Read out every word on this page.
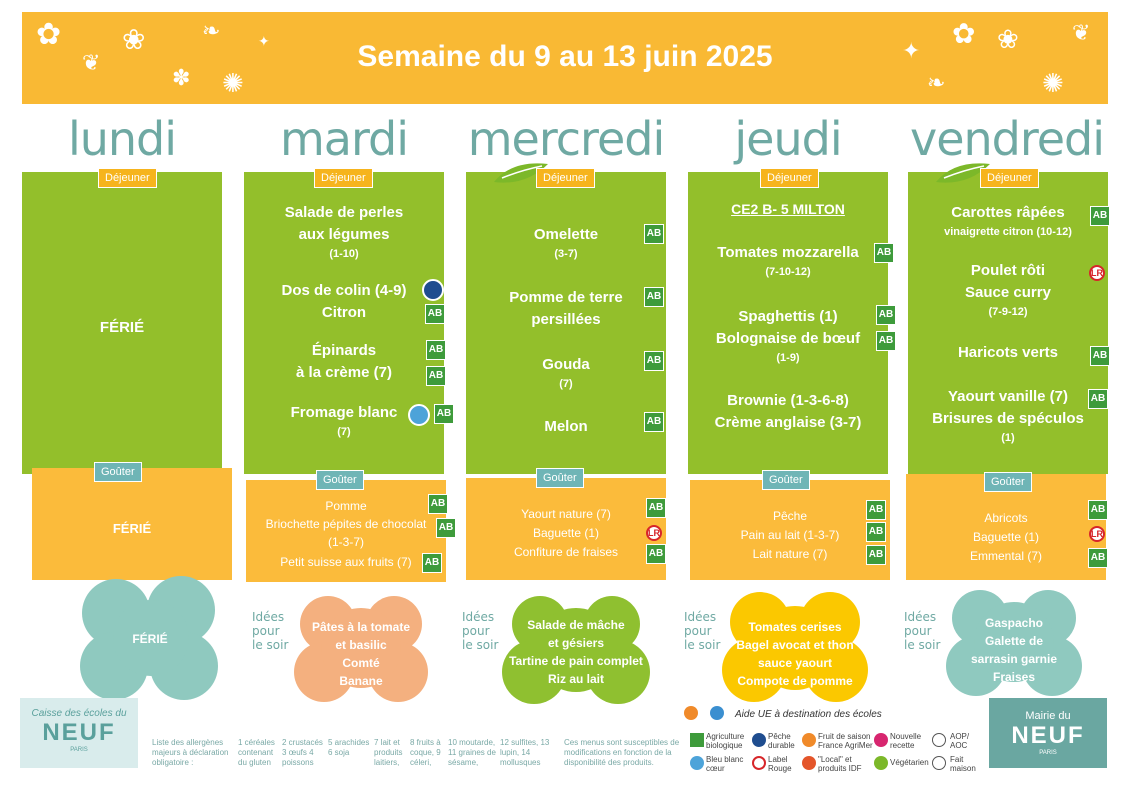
✿
❦
❀
✽
❧
✺
✦	✦
❧
✿ ❀
✺
❦
Semaine du 9 au 13 juin 2025
lundi	mardi	mercredi	jeudi	vendredi
FÉRIÉ
Déjeuner
FÉRIÉ
Goûter
FÉRIÉ
Salade de perles
aux légumes
(1-10)
Dos de colin (4-9)
Citron
Épinards
à la crème (7)
Fromage blanc
(7)
Déjeuner
AB
AB
AB
AB
Pomme
Briochette pépites de chocolat
(1-3-7)
Petit suisse aux fruits (7)
Goûter
AB
AB
AB
Idées
pour
le soir
Pâtes à la tomate
et basilic
Comté
Banane
Omelette
(3-7)
Pomme de terre
persillées
Gouda
(7)
Melon
Déjeuner
AB
AB
AB
AB
Yaourt nature (7)
Baguette (1)
Confiture de fraises
Goûter
AB
LR
AB
Idées
pour
le soir
Salade de mâche
et gésiers
Tartine de pain complet
Riz au lait
CE2 B- 5 MILTON
Tomates mozzarella
(7-10-12)
Spaghettis (1)
Bolognaise de bœuf
(1-9)
Brownie (1-3-6-8)
Crème anglaise (3-7)
Déjeuner
AB
AB
AB
Pêche
Pain au lait (1-3-7)
Lait nature (7)
Goûter
AB
AB
AB
Idées
pour
le soir
Tomates cerises
Bagel avocat et thon
sauce yaourt
Compote de pomme
Carottes râpées
vinaigrette citron (10-12)
Poulet rôti
Sauce curry
(7-9-12)
Haricots verts
Yaourt vanille (7)
Brisures de spéculos
(1)
Déjeuner
AB
LR
AB
AB
Abricots
Baguette (1)
Emmental (7)
Goûter
AB
LR
AB
Idées
pour
le soir
Gaspacho
Galette de
sarrasin garnie
Fraises
Caisse des écoles du
NEUF
PARIS
Liste des allergènes majeurs à déclaration obligatoire :
1 céréales contenant du gluten
2 crustacés 3 œufs 4 poissons
5 arachides 6 soja
7 lait et produits laitiers,
8 fruits à coque, 9 céleri,
10 moutarde, 11 graines de sésame,
12 sulfites, 13 lupin, 14 mollusques
Ces menus sont susceptibles de modifications en fonction de la disponibilité des produits.
Aide UE à destination des écoles
Agriculture biologique
Pêche durable
Fruit de saison France AgriMer
Nouvelle recette
AOP/ AOC
Bleu blanc cœur
Label Rouge
"Local" et produits IDF
Végétarien	Fait maison
Mairie du
NEUF
PARIS
